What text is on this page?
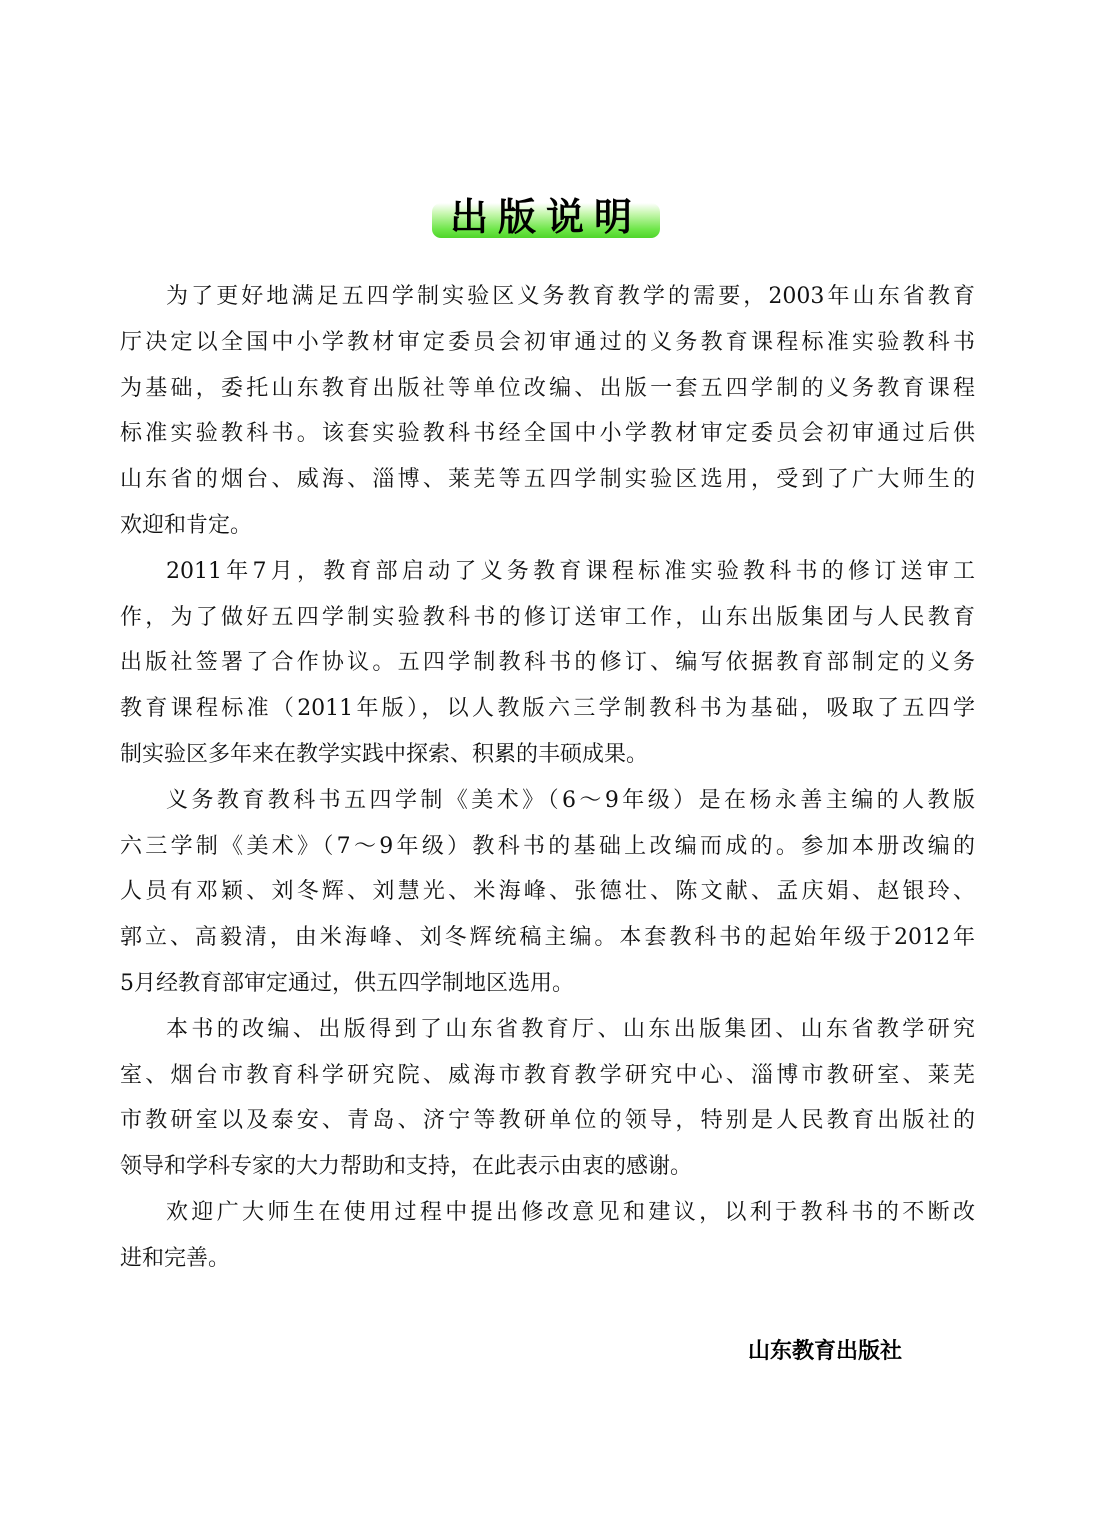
出版说明
为了更好地满足五四学制实验区义务教育教学的需要，2003年山东省教育
厅决定以全国中小学教材审定委员会初审通过的义务教育课程标准实验教科书
为基础，委托山东教育出版社等单位改编、出版一套五四学制的义务教育课程
标准实验教科书。该套实验教科书经全国中小学教材审定委员会初审通过后供
山东省的烟台、威海、淄博、莱芜等五四学制实验区选用，受到了广大师生的
欢迎和肯定。
2011年7月，教育部启动了义务教育课程标准实验教科书的修订送审工
作，为了做好五四学制实验教科书的修订送审工作，山东出版集团与人民教育
出版社签署了合作协议。五四学制教科书的修订、编写依据教育部制定的义务
教育课程标准（2011年版），以人教版六三学制教科书为基础，吸取了五四学
制实验区多年来在教学实践中探索、积累的丰硕成果。
义务教育教科书五四学制《美术》（6～9年级）是在杨永善主编的人教版
六三学制《美术》（7～9年级）教科书的基础上改编而成的。参加本册改编的
人员有邓颖、刘冬辉、刘慧光、米海峰、张德壮、陈文献、孟庆娟、赵银玲、
郭立、高毅清，由米海峰、刘冬辉统稿主编。本套教科书的起始年级于2012年
5月经教育部审定通过，供五四学制地区选用。
本书的改编、出版得到了山东省教育厅、山东出版集团、山东省教学研究
室、烟台市教育科学研究院、威海市教育教学研究中心、淄博市教研室、莱芜
市教研室以及泰安、青岛、济宁等教研单位的领导，特别是人民教育出版社的
领导和学科专家的大力帮助和支持，在此表示由衷的感谢。
欢迎广大师生在使用过程中提出修改意见和建议，以利于教科书的不断改
进和完善。
山东教育出版社
